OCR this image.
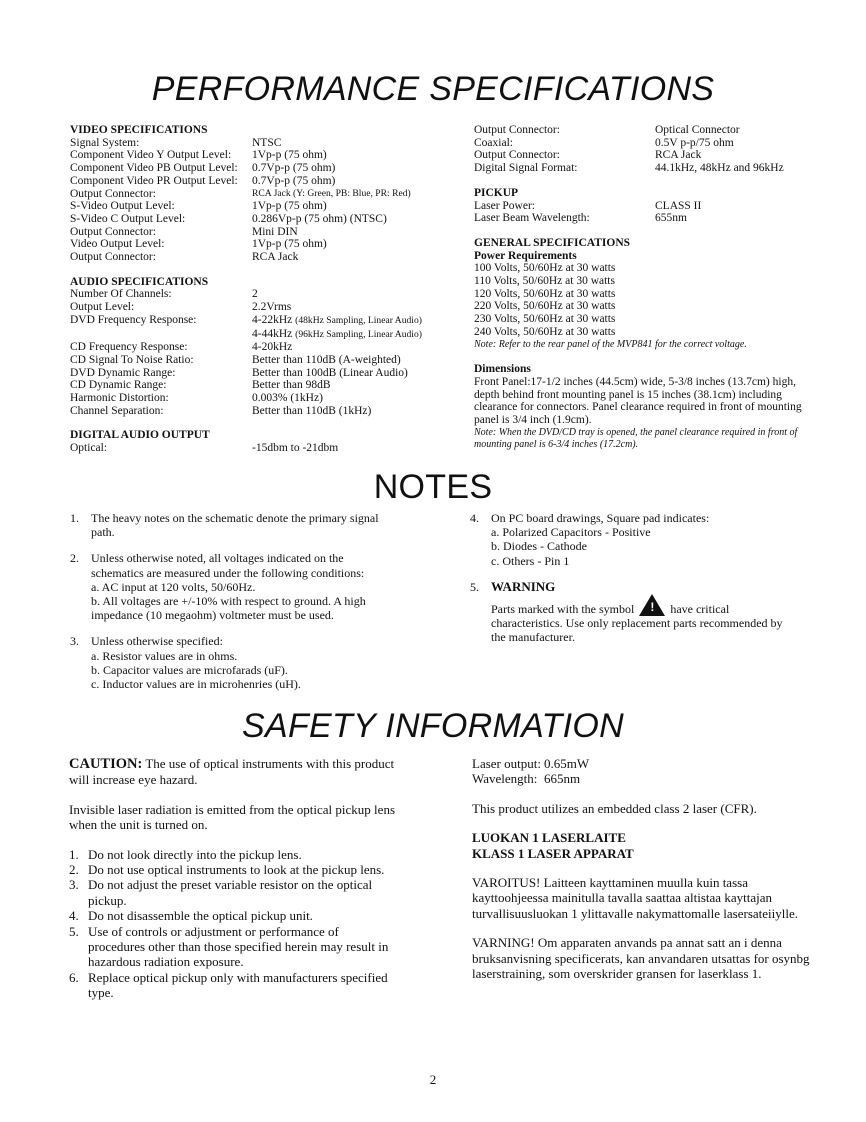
PERFORMANCE SPECIFICATIONS
VIDEO SPECIFICATIONS
Signal System:	NTSC
Component Video Y Output Level:	1Vp-p (75 ohm)
Component Video PB Output Level:	0.7Vp-p (75 ohm)
Component Video PR Output Level:	0.7Vp-p (75 ohm)
Output Connector:	RCA Jack (Y: Green, PB: Blue, PR: Red)
S-Video Output Level:	1Vp-p (75 ohm)
S-Video C Output Level:	0.286Vp-p (75 ohm) (NTSC)
Output Connector:	Mini DIN
Video Output Level:	1Vp-p (75 ohm)
Output Connector:	RCA Jack
AUDIO SPECIFICATIONS
Number Of Channels:	2
Output Level:	2.2Vrms
DVD Frequency Response:	4-22kHz (48kHz Sampling, Linear Audio)
4-44kHz (96kHz Sampling, Linear Audio)
CD Frequency Response:	4-20kHz
CD Signal To Noise Ratio:	Better than 110dB (A-weighted)
DVD Dynamic Range:	Better than 100dB (Linear Audio)
CD Dynamic Range:	Better than 98dB
Harmonic Distortion:	0.003% (1kHz)
Channel Separation:	Better than 110dB (1kHz)
DIGITAL AUDIO OUTPUT
Optical:	-15dbm to -21dbm
Output Connector:	Optical Connector
Coaxial:	0.5V p-p/75 ohm
Output Connector:	RCA Jack
Digital Signal Format:	44.1kHz, 48kHz and 96kHz
PICKUP
Laser Power:	CLASS II
Laser Beam Wavelength:	655nm
GENERAL SPECIFICATIONS
Power Requirements
100 Volts, 50/60Hz at 30 watts
110 Volts, 50/60Hz at 30 watts
120 Volts, 50/60Hz at 30 watts
220 Volts, 50/60Hz at 30 watts
230 Volts, 50/60Hz at 30 watts
240 Volts, 50/60Hz at 30 watts
Note: Refer to the rear panel of the MVP841 for the correct voltage.
Dimensions
Front Panel:17-1/2 inches (44.5cm) wide, 5-3/8 inches (13.7cm) high, depth behind front mounting panel is 15 inches (38.1cm) including clearance for connectors. Panel clearance required in front of mounting panel is 3/4 inch (1.9cm).
Note: When the DVD/CD tray is opened, the panel clearance required in front of mounting panel is 6-3/4 inches (17.2cm).
NOTES
1.	The heavy notes on the schematic denote the primary signal path.
2.	Unless otherwise noted, all voltages indicated on the schematics are measured under the following conditions:
a. AC input at 120 volts, 50/60Hz.
b. All voltages are +/-10% with respect to ground. A high impedance (10 megaohm) voltmeter must be used.
3.	Unless otherwise specified:
a. Resistor values are in ohms.
b. Capacitor values are microfarads (uF).
c. Inductor values are in microhenries (uH).
4.	On PC board drawings, Square pad indicates:
a. Polarized Capacitors - Positive
b. Diodes - Cathode
c. Others - Pin 1
5. WARNING
Parts marked with the symbol ! have critical characteristics. Use only replacement parts recommended by the manufacturer.
SAFETY INFORMATION
CAUTION: The use of optical instruments with this product will increase eye hazard.
Invisible laser radiation is emitted from the optical pickup lens when the unit is turned on.
1. Do not look directly into the pickup lens.
2. Do not use optical instruments to look at the pickup lens.
3. Do not adjust the preset variable resistor on the optical pickup.
4. Do not disassemble the optical pickup unit.
5. Use of controls or adjustment or performance of procedures other than those specified herein may result in hazardous radiation exposure.
6. Replace optical pickup only with manufacturers specified type.
Laser output: 0.65mW
Wavelength: 665nm
This product utilizes an embedded class 2 laser (CFR).
LUOKAN 1 LASERLAITE
KLASS 1 LASER APPARAT
VAROITUS! Laitteen kayttaminen muulla kuin tassa kayttoohjeessa mainitulla tavalla saattaa altistaa kayttajan turvallisuusluokan 1 ylittavalle nakymattomalle lasersateiiylle.
VARNING! Om apparaten anvands pa annat satt an i denna bruksanvisning specificerats, kan anvandaren utsattas for osynbg laserstraining, som overskrider gransen for laserklass 1.
2
